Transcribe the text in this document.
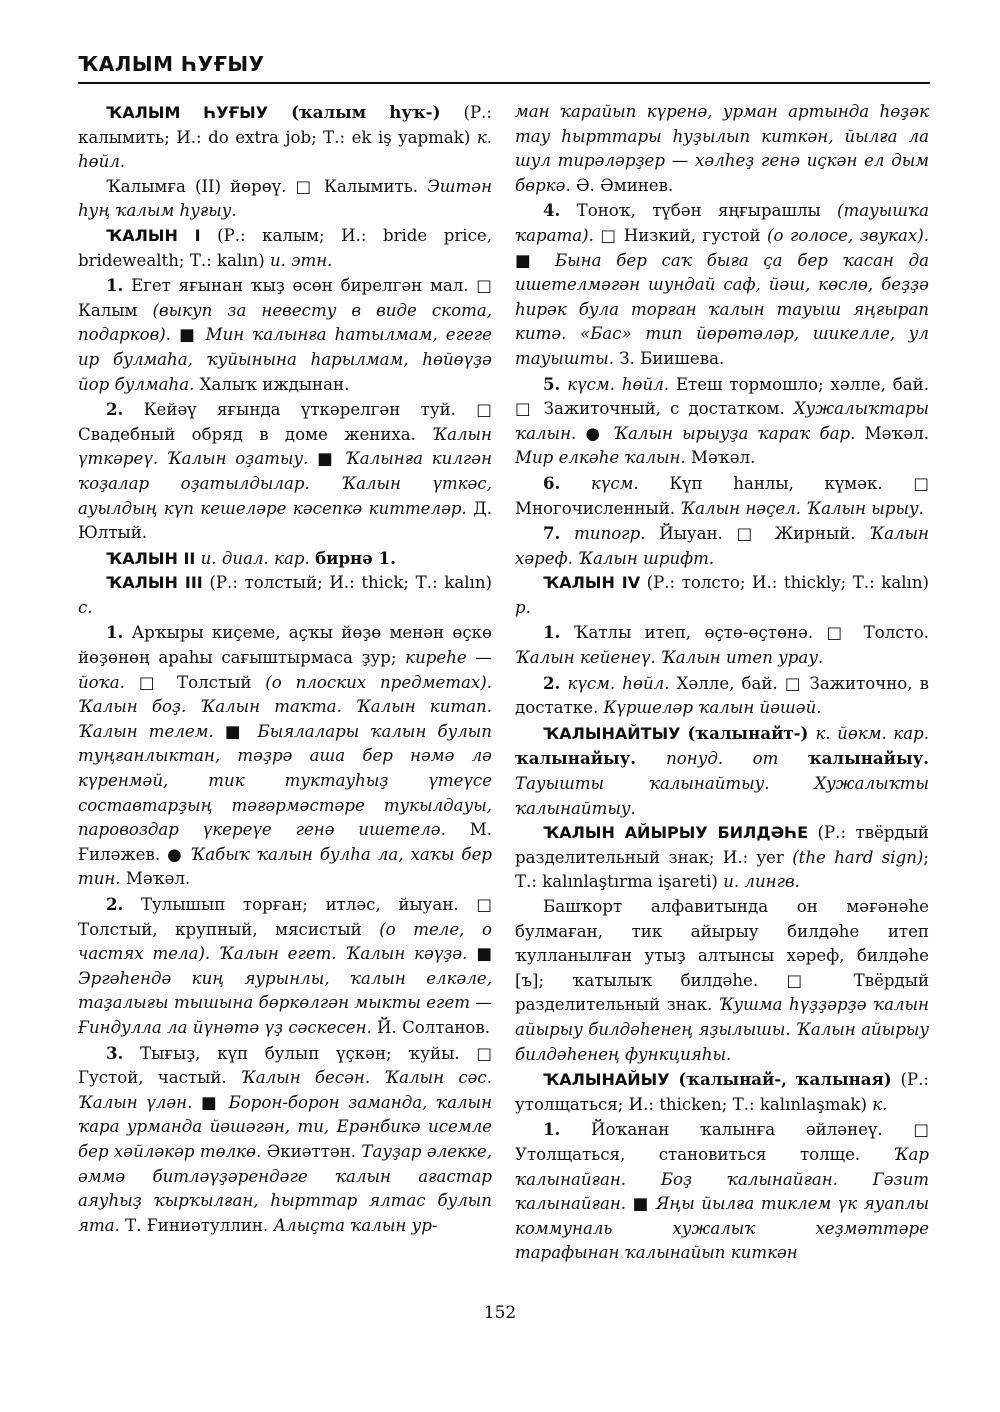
ҠАЛЫМ ҺУҒЫУ

ҠАЛЫМ ҺУҒЫУ (ҡалым һуҡ-) (Р.: калымить; И.: do extra job; Т.: ek iş yapmak) к. һөйл.

Ҡалымға (II) йөрөү. □ Калымить. Эштән һуң ҡалым һуғыу.

ҠАЛЫН I (Р.: калым; И.: bride price, bridewealth; Т.: kalın) и. этн.

1. Егет яғынан ҡыҙ өсөн бирелгән мал. □ Калым (выкуп за невесту в виде скота, подарков). ■ Мин ҡалынға һатылмам, егеге ир булмаһа, ҡуйынына һарылмам, һөйөүҙә йор булмаһа. Халыҡ иждынан.

2. Кейәү яғында үткәрелгән туй. □ Свадебный обряд в доме жениха. Ҡалын үткәреү. Ҡалын оҙатыу. ■ Ҡалынға килгән ҡоҙалар оҙатылдылар. Ҡалын үткәс, ауылдың күп кешеләре кәсепкә киттеләр. Д. Юлтый.

ҠАЛЫН II и. диал. кар. бирнә 1.

ҠАЛЫН III (Р.: толстый; И.: thick; Т.: kalın) с.

1. Арҡыры киҫеме, аҫҡы йөҙө менән өҫкө йөҙөнөң араһы сағыштырмаса ҙур; киреһе — йоҡа. □ Толстый (о плоских предметах). Ҡалын боҙ. Ҡалын таҡта. Ҡалын китап. Ҡалын телем. ■ Быялалары ҡалын булып туңғанлыктан, тәҙрә аша бер нәмә лә күренмәй, тик туктауһыҙ үтеүсе составтарҙың тәғәрмәстәре тукылдауы, паровоздар үкереүе генә ишетелә. М. Ғиләжев. ● Ҡабыҡ ҡалын булһа ла, хаҡы бер тин. Мәҡәл.

2. Тулышып торған; итләс, йыуан. □ Толстый, крупный, мясистый (о теле, о частях тела). Ҡалын егет. Ҡалын кәүҙә. ■ Эргәһендә киң яурынлы, ҡалын елкәле, таҙалығы тышына бөркөлгән мыкты егет — Ғиндулла ла йүнәтә үҙ сәскесен. Й. Солтанов.

3. Тығыҙ, күп булып үҫкән; ҡуйы. □ Густой, частый. Ҡалын бесән. Ҡалын сәс. Ҡалын үлән. ■ Борон-борон заманда, ҡалын ҡара урманда йәшәгән, ти, Ерәнбикә исемле бер хәйләкәр төлкө. Әкиәттән. Тауҙар әлекке, әммә битләүҙәрендәге ҡалын ағастар аяуһыҙ ҡырҡылған, һырттар ялтас булып ята. Т. Ғиниәтуллин. Алыҫта ҡалын ур-

ман ҡарайып күренә, урман артында һөҙәк тау һырттары һуҙылып киткән, йылға ла шул тирәләрҙер — хәлһеҙ генә иҫкән ел дым бөркә. Ә. Әминев.

4. Тоноҡ, түбән яңғырашлы (тауышҡа ҡарата). □ Низкий, густой (о голосе, звуках). ■ Бына бер саҡ быға ҫа бер ҡасан да ишетелмәгән шундай саф, йәш, көслө, беҙҙә һирәк була торған ҡалын тауыш яңғырап китә. «Бас» тип йөрөтәләр, шикелле, ул тауышты. З. Биишева.

5. күсм. һөйл. Етеш тормошло; хәлле, бай. □ Зажиточный, с достатком. Хужалыҡтары ҡалын. ● Ҡалын ырыуҙа ҡараҡ бар. Мәҡәл. Мир елкәһе ҡалын. Мәҡәл.

6. күсм. Күп һанлы, күмәк. □ Многочисленный. Ҡалын нәҫел. Ҡалын ырыу.

7. типогр. Йыуан. □ Жирный. Ҡалын хәреф. Ҡалын шрифт.

ҠАЛЫН IV (Р.: толсто; И.: thickly; Т.: kalın) р.

1. Ҡатлы итеп, өҫтө-өҫтөнә. □ Толсто. Ҡалын кейенеү. Ҡалын итеп урау.

2. күсм. һөйл. Хәлле, бай. □ Зажиточно, в достатке. Күршеләр ҡалын йәшәй.

ҠАЛЫНАЙТЫУ (ҡалынайт-) к. йөкм. кар. ҡалынайыу. понуд. от ҡалынайыу. Тауышты ҡалынайтыу. Хужалыҡты ҡалынайтыу.

ҠАЛЫН АЙЫРЫУ БИЛДӘҺЕ (Р.: твёрдый разделительный знак; И.: yer (the hard sign); Т.: kalınlaştırma işareti) и. лингв.

Башҡорт алфавитында он мәғәнәһе булмаған, тик айырыу билдәһе итеп ҡулланылған утыҙ алтынсы хәреф, билдәһе [ъ]; ҡатылыҡ билдәһе. □ Твёрдый разделительный знак. Ҡушма һүҙҙәрҙә ҡалын айырыу билдәһенең яҙылышы. Ҡалын айырыу билдәһенең функцияһы.

ҠАЛЫНАЙЫУ (ҡалынай-, ҡалыная) (Р.: утолщаться; И.: thicken; Т.: kalınlaşmak) к.

1. Йоҡанан ҡалынға әйләнеү. □ Утолщаться, становиться толще. Ҡар ҡалынайған. Боҙ ҡалынайған. Гәзит ҡалынайған. ■ Яңы йылға тиклем үк яуаплы коммуналь хужалыҡ хеҙмәттәре тарафынан ҡалынайып киткән

152
